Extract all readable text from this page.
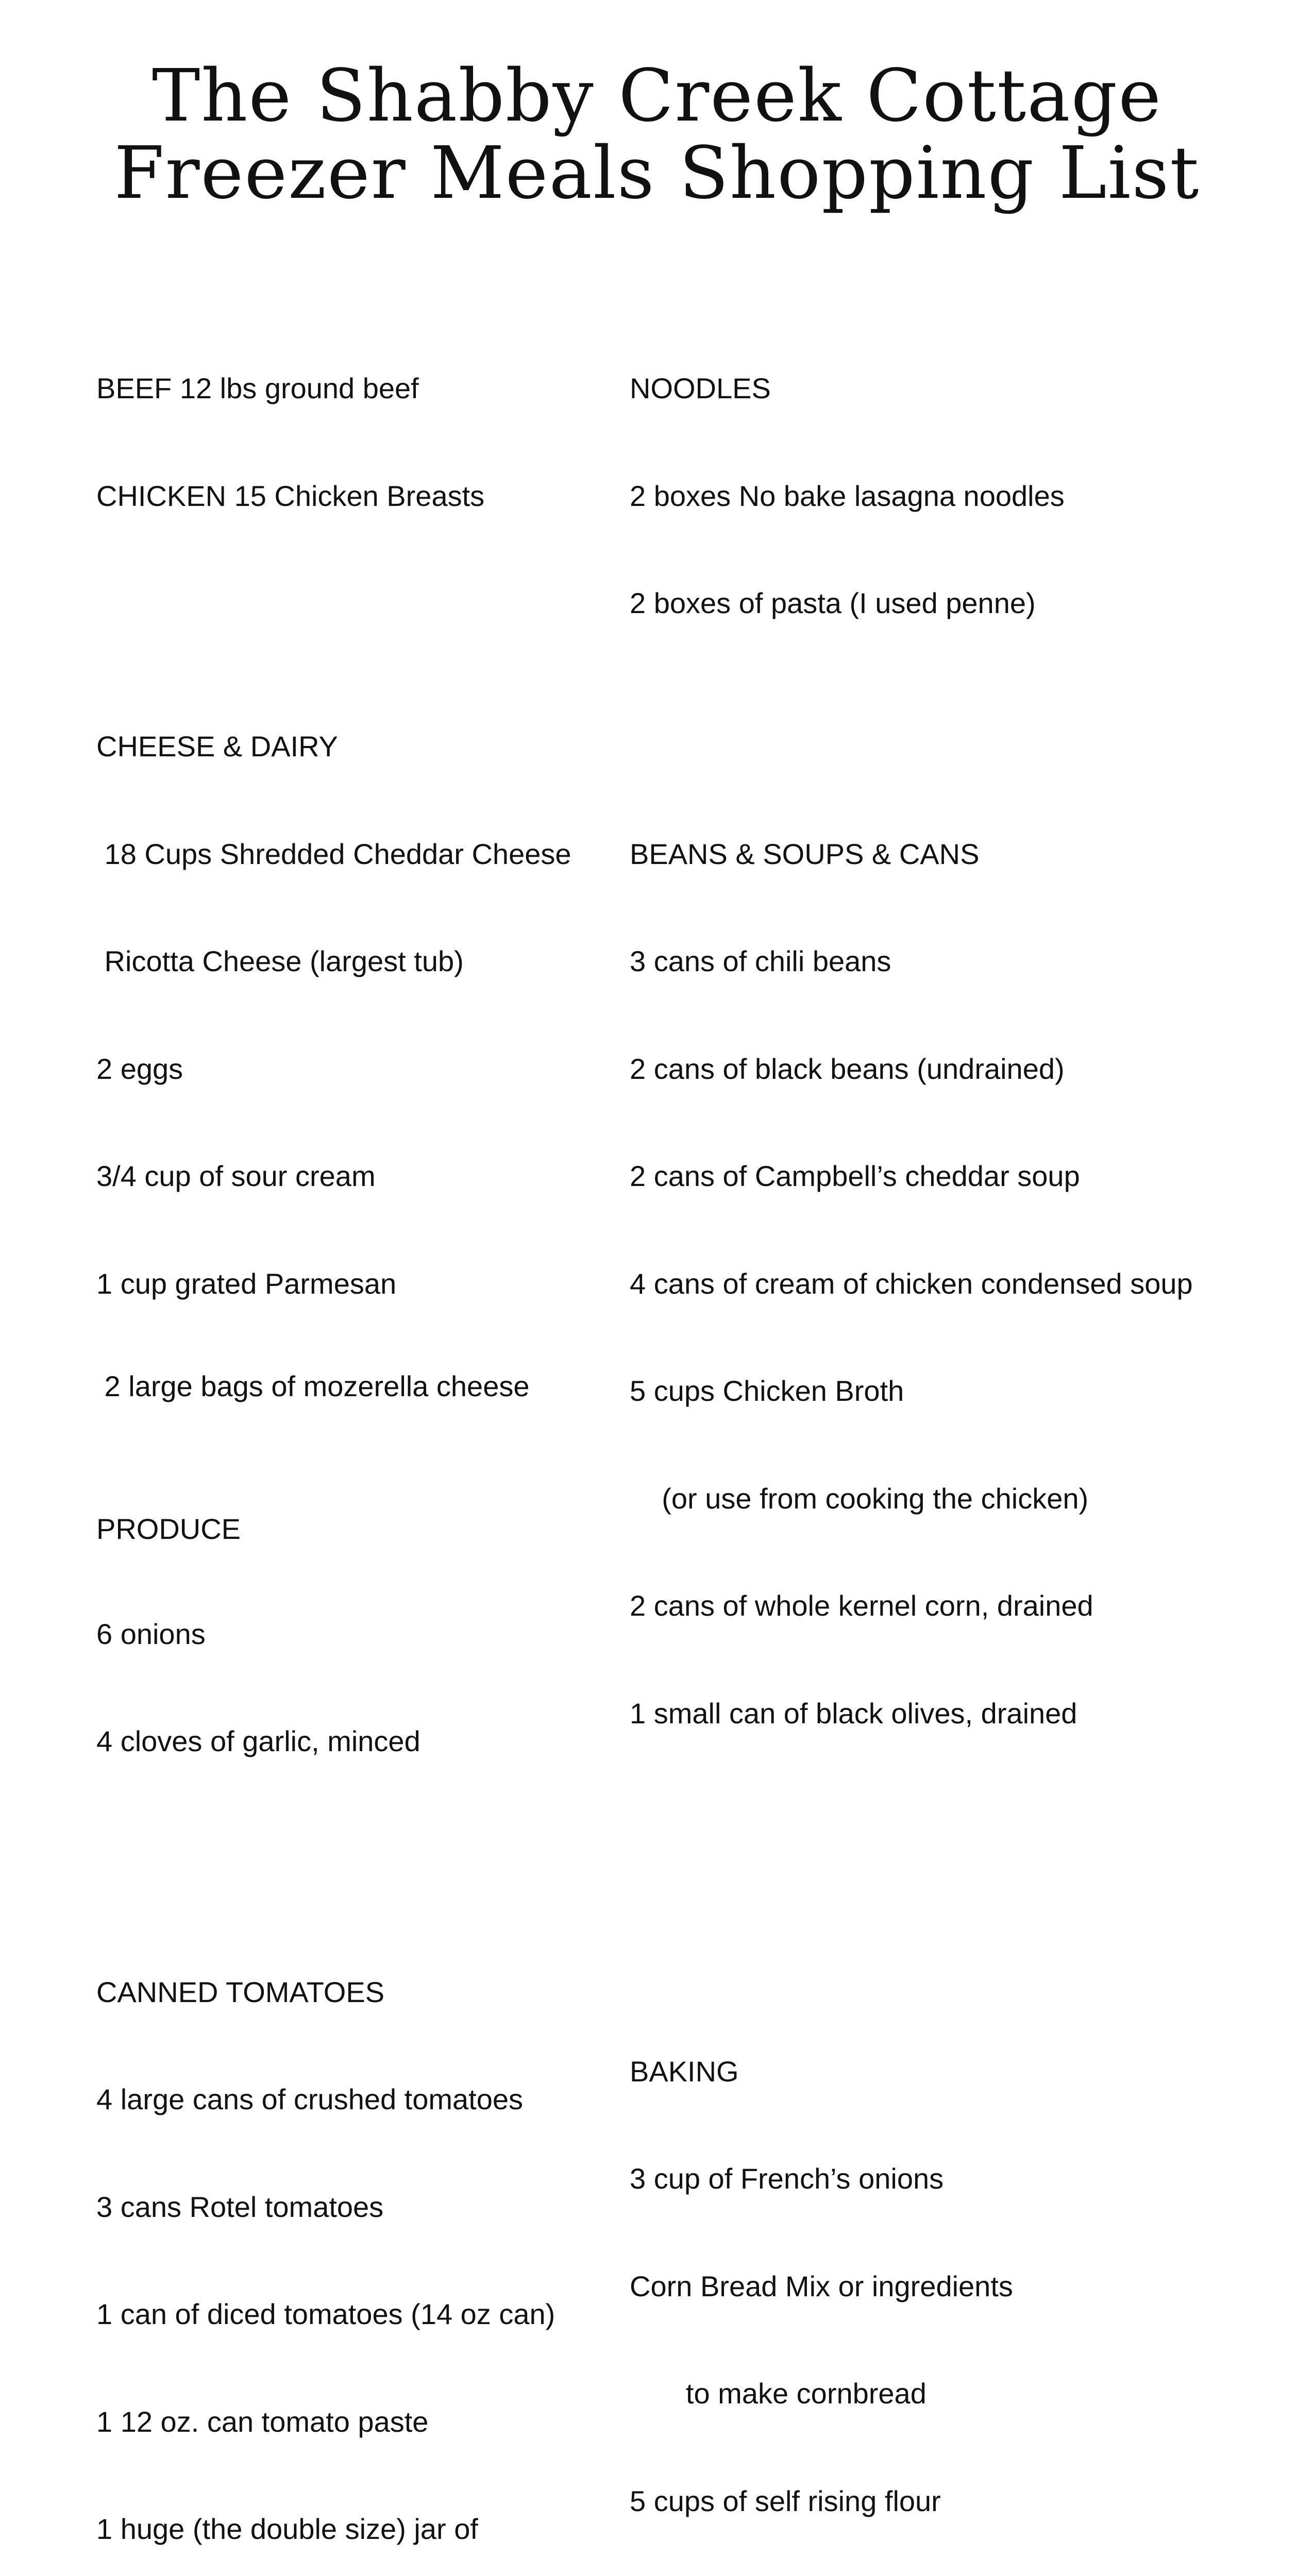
The Shabby Creek Cottage
Freezer Meals Shopping List

BEEF 12 lbs ground beef

CHICKEN 15 Chicken Breasts

CHEESE & DAIRY

18 Cups Shredded Cheddar Cheese

Ricotta Cheese (largest tub)

2 eggs

3/4 cup of sour cream

1 cup grated Parmesan

2 large bags of mozerella cheese

PRODUCE

6 onions

4 cloves of garlic, minced

CANNED TOMATOES

4 large cans of crushed tomatoes

3 cans Rotel tomatoes

1 can of diced tomatoes (14 oz can)

1 12 oz. can tomato paste

1 huge (the double size) jar of

NOODLES

2 boxes No bake lasagna noodles

2 boxes of pasta (I used penne)

BEANS & SOUPS & CANS

3 cans of chili beans

2 cans of black beans (undrained)

2 cans of Campbell’s cheddar soup

4 cans of cream of chicken condensed soup

5 cups Chicken Broth

(or use from cooking the chicken)

2 cans of whole kernel corn, drained

1 small can of black olives, drained

BAKING

3 cup of French’s onions

Corn Bread Mix or ingredients

to make cornbread

5 cups of self rising flour
